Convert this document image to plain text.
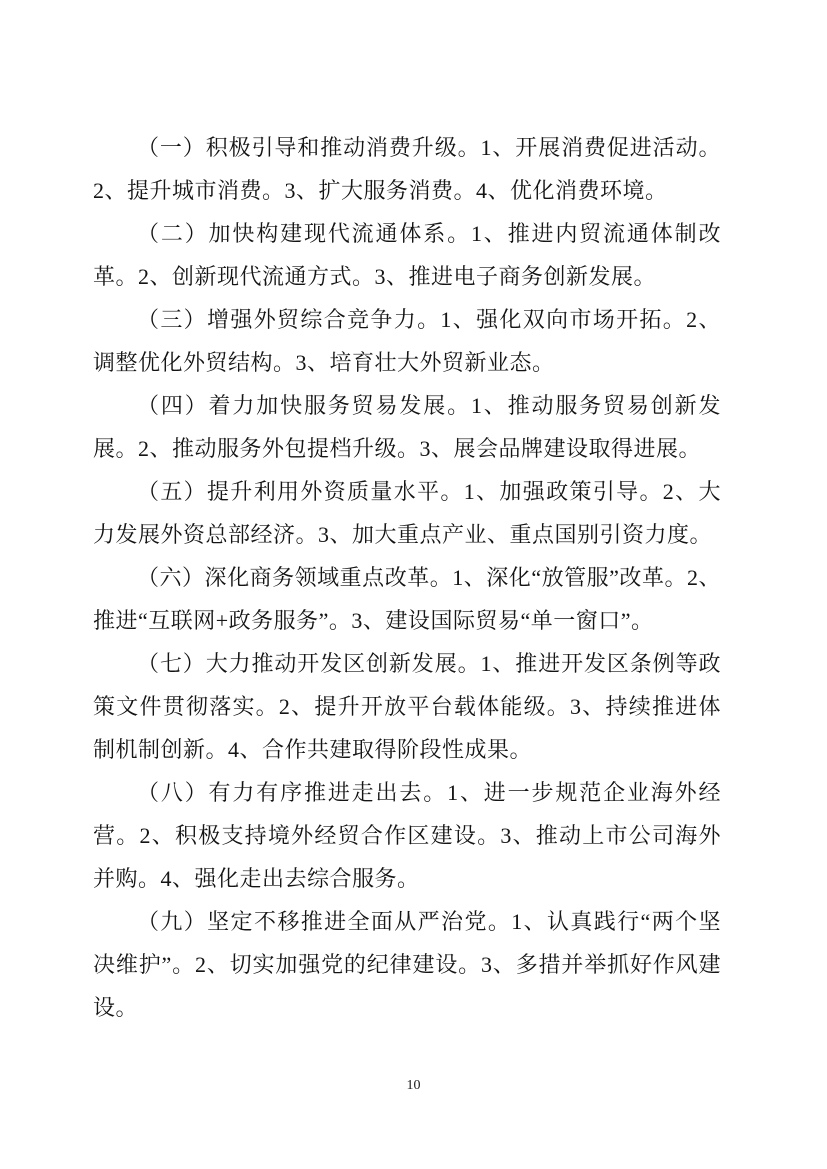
（一）积极引导和推动消费升级。1、开展消费促进活动。2、提升城市消费。3、扩大服务消费。4、优化消费环境。

（二）加快构建现代流通体系。1、推进内贸流通体制改革。2、创新现代流通方式。3、推进电子商务创新发展。

（三）增强外贸综合竞争力。1、强化双向市场开拓。2、调整优化外贸结构。3、培育壮大外贸新业态。

（四）着力加快服务贸易发展。1、推动服务贸易创新发展。2、推动服务外包提档升级。3、展会品牌建设取得进展。

（五）提升利用外资质量水平。1、加强政策引导。2、大力发展外资总部经济。3、加大重点产业、重点国别引资力度。

（六）深化商务领域重点改革。1、深化“放管服”改革。2、推进“互联网+政务服务”。3、建设国际贸易“单一窗口”。

（七）大力推动开发区创新发展。1、推进开发区条例等政策文件贯彻落实。2、提升开放平台载体能级。3、持续推进体制机制创新。4、合作共建取得阶段性成果。

（八）有力有序推进走出去。1、进一步规范企业海外经营。2、积极支持境外经贸合作区建设。3、推动上市公司海外并购。4、强化走出去综合服务。

（九）坚定不移推进全面从严治党。1、认真践行“两个坚决维护”。2、切实加强党的纪律建设。3、多措并举抓好作风建设。

10
